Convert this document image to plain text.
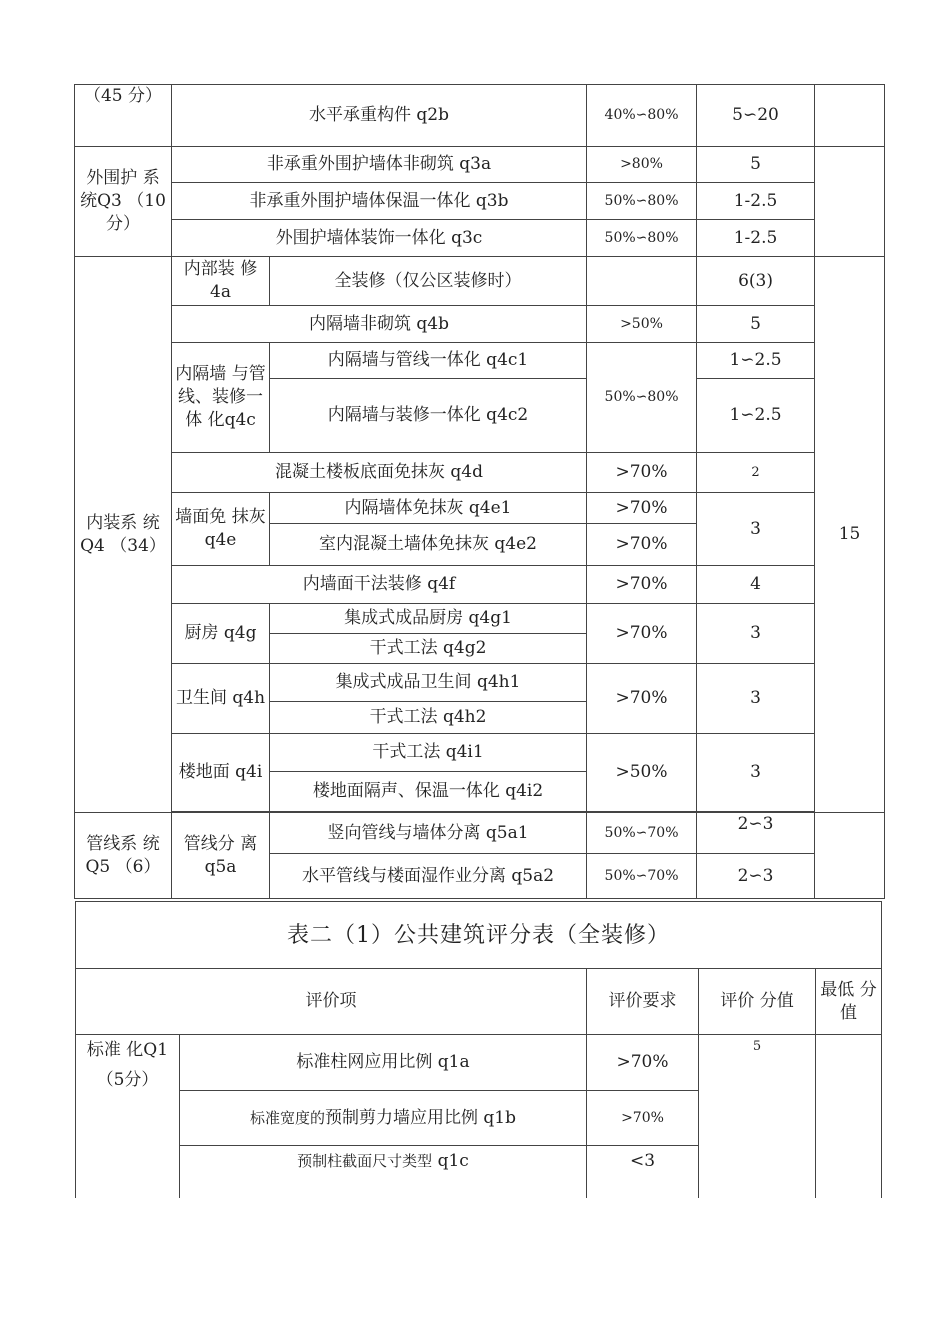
（45 分）	水平承重构件 q2b		40%∽80%	5∽20	
外围护 系统Q3 （10分）	非承重外围护墙体非砌筑 q3a		>80%	5	
	非承重外围护墙体保温一体化 q3b		50%∽80%	1-2.5	
	外围护墙体装饰一体化 q3c		50%∽80%	1-2.5	
内装系 统Q4 （34）	内部装 修4a	全装修（仅公区装修时）		6(3)	15
	内隔墙非砌筑 q4b		>50%	5	
	内隔墙 与管线、装修一体 化q4c	内隔墙与管线一体化 q4c1	50%∽80%	1∽2.5	
		内隔墙与装修一体化 q4c2		1∽2.5	
	混凝土楼板底面免抹灰 q4d		>70%	2	
	墙面免 抹灰 q4e	内隔墙体免抹灰 q4e1	>70%	3	
		室内混凝土墙体免抹灰 q4e2	>70%		
	内墙面干法装修 q4f		>70%	4	
	厨房 q4g	集成式成品厨房 q4g1	>70%	3	
		干式工法 q4g2			
	卫生间 q4h	集成式成品卫生间 q4h1	>70%	3	
		干式工法 q4h2			
	楼地面 q4i	干式工法 q4i1	>50%	3	
		楼地面隔声、保温一体化 q4i2			

管线系 统Q5 （6）	管线分 离q5a	竖向管线与墙体分离 q5a1	50%∽70%	2∽3	
		水平管线与楼面湿作业分离 q5a2	50%∽70%	2∽3	
表二（1）公共建筑评分表（全装修）				
评价项		评价要求	评价 分值	最低 分值
标准 化Q1 （5分）	标准柱网应用比例 q1a	>70%	5	
	标准宽度的预制剪力墙应用比例 q1b	>70%		
	预制柱截面尺寸类型 q1c	<3		
